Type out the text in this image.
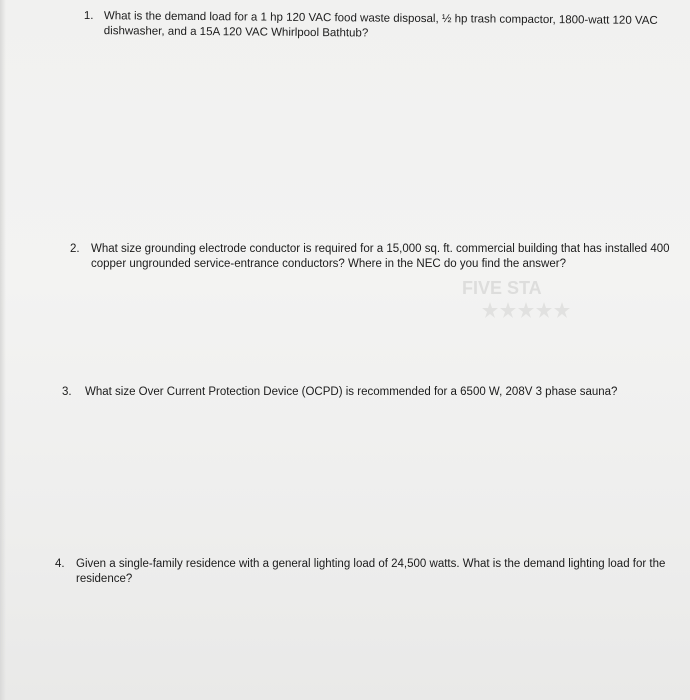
1. What is the demand load for a 1 hp 120 VAC food waste disposal, ½ hp trash compactor, 1800-watt 120 VAC dishwasher, and a 15A 120 VAC Whirlpool Bathtub?
2. What size grounding electrode conductor is required for a 15,000 sq. ft. commercial building that has installed 400 copper ungrounded service-entrance conductors? Where in the NEC do you find the answer?
FIVE STA
3. What size Over Current Protection Device (OCPD) is recommended for a 6500 W, 208V 3 phase sauna?
4. Given a single-family residence with a general lighting load of 24,500 watts. What is the demand lighting load for the residence?
